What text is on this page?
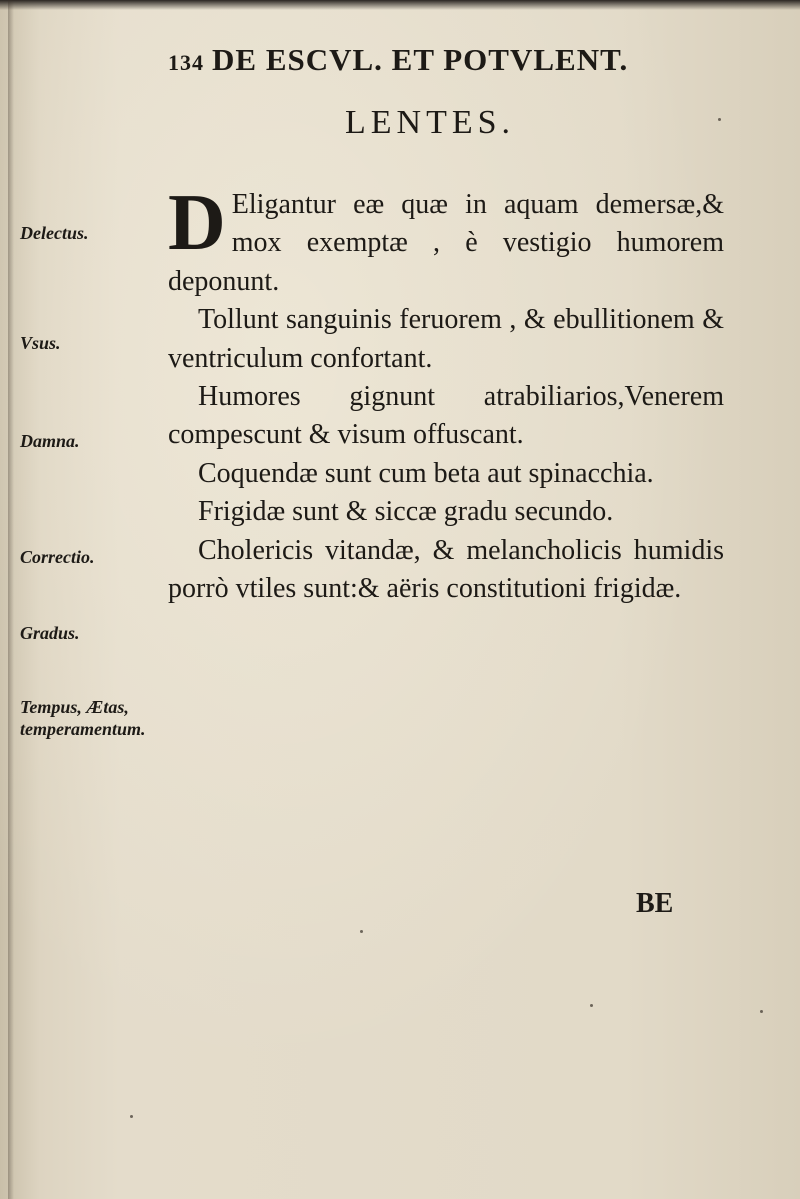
134 DE ESCVL. ET POTVLENT.
LENTES.

D Eligantur eæ quæ in aquam demersæ,& mox exemptæ , è vestigio humorem deponunt.

Tollunt sanguinis feruorem , & ebullitionem & ventriculum confortant.

Humores gignunt atrabiliarios,Venerem compescunt & visum offuscant.

Coquendæ sunt cum beta aut spinacchia.

Frigidæ sunt & siccæ gradu secundo.

Cholericis vitandæ, & melancholicis humidis porrò vtiles sunt:& aëris constitutioni frigidæ.

Delectus.
Vsus.
Damna.
Correctio.
Gradus.
Tempus, Ætas, temperamentum.
BE
